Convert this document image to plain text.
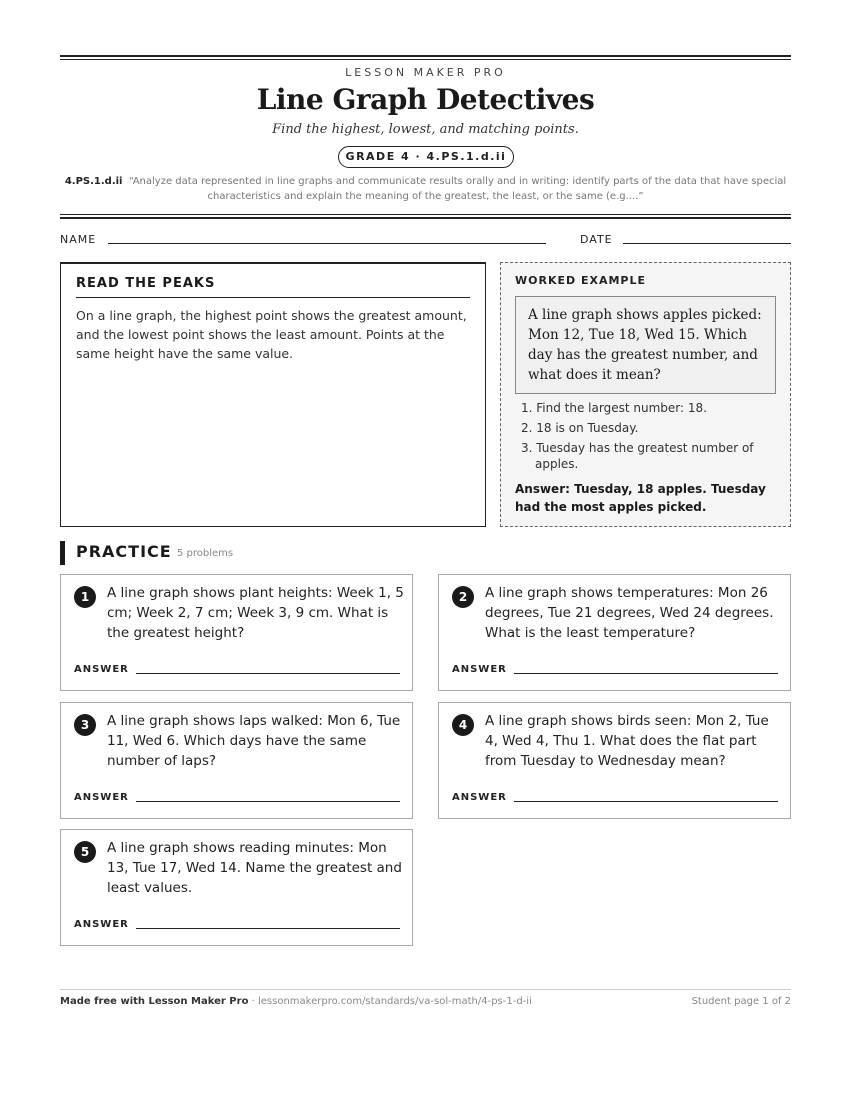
LESSON MAKER PRO
Line Graph Detectives
Find the highest, lowest, and matching points.
GRADE 4 · 4.PS.1.d.ii
4.PS.1.d.ii “Analyze data represented in line graphs and communicate results orally and in writing: identify parts of the data that have special characteristics and explain the meaning of the greatest, the least, or the same (e.g....”
NAME	DATE
READ THE PEAKS
On a line graph, the highest point shows the greatest amount, and the lowest point shows the least amount. Points at the same height have the same value.
WORKED EXAMPLE
A line graph shows apples picked: Mon 12, Tue 18, Wed 15. Which day has the greatest number, and what does it mean?
1. Find the largest number: 18.
2. 18 is on Tuesday.
3. Tuesday has the greatest number of apples.
Answer: Tuesday, 18 apples. Tuesday had the most apples picked.
PRACTICE 5 problems
1	A line graph shows plant heights: Week 1, 5 cm; Week 2, 7 cm; Week 3, 9 cm. What is the greatest height?
ANSWER
2	A line graph shows temperatures: Mon 26 degrees, Tue 21 degrees, Wed 24 degrees. What is the least temperature?
ANSWER
3	A line graph shows laps walked: Mon 6, Tue 11, Wed 6. Which days have the same number of laps?
ANSWER
4	A line graph shows birds seen: Mon 2, Tue 4, Wed 4, Thu 1. What does the flat part from Tuesday to Wednesday mean?
ANSWER
5	A line graph shows reading minutes: Mon 13, Tue 17, Wed 14. Name the greatest and least values.
ANSWER
Made free with Lesson Maker Pro · lessonmakerpro.com/standards/va-sol-math/4-ps-1-d-ii	Student page 1 of 2
